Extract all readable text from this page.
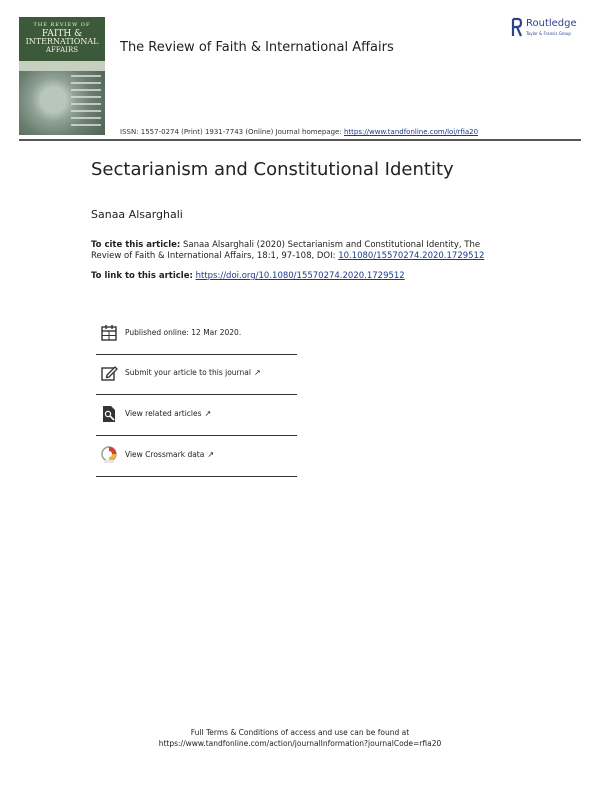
THE REVIEW OF
FAITH &
INTERNATIONAL
AFFAIRS	The Review of Faith & International Affairs
Routledge
Taylor & Francis Group
ISSN: 1557-0274 (Print) 1931-7743 (Online) Journal homepage: https://www.tandfonline.com/loi/rfia20
Sectarianism and Constitutional Identity
Sanaa Alsarghali
To cite this article: Sanaa Alsarghali (2020) Sectarianism and Constitutional Identity, The Review of Faith & International Affairs, 18:1, 97-108, DOI: 10.1080/15570274.2020.1729512
To link to this article: https://doi.org/10.1080/15570274.2020.1729512
Published online: 12 Mar 2020.
Submit your article to this journal ↗
View related articles ↗
View Crossmark data ↗
Full Terms & Conditions of access and use can be found at
https://www.tandfonline.com/action/journalInformation?journalCode=rfia20
